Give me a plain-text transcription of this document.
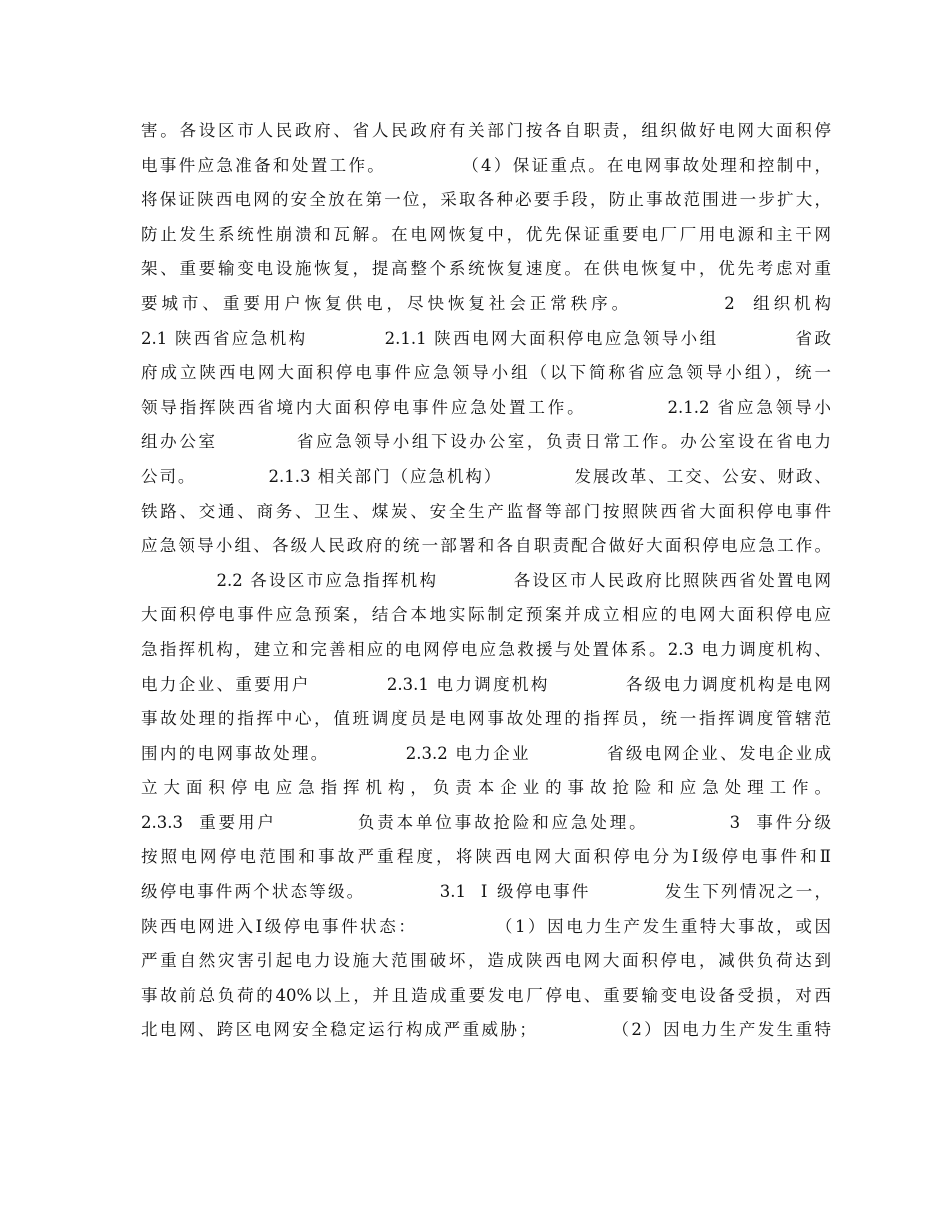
害。各设区市人民政府、省人民政府有关部门按各自职责，组织做好电网大面积停
电事件应急准备和处置工作。          （4）保证重点。在电网事故处理和控制中，
将保证陕西电网的安全放在第一位，采取各种必要手段，防止事故范围进一步扩大，
防止发生系统性崩溃和瓦解。在电网恢复中，优先保证重要电厂厂用电源和主干网
架、重要输变电设施恢复，提高整个系统恢复速度。在供电恢复中，优先考虑对重
要城市、重要用户恢复供电，尽快恢复社会正常秩序。          2  组织机构
2.1 陕西省应急机构          2.1.1 陕西电网大面积停电应急领导小组          省政
府成立陕西电网大面积停电事件应急领导小组（以下简称省应急领导小组），统一
领导指挥陕西省境内大面积停电事件应急处置工作。          2.1.2 省应急领导小
组办公室          省应急领导小组下设办公室，负责日常工作。办公室设在省电力
公司。          2.1.3 相关部门（应急机构）          发展改革、工交、公安、财政、
铁路、交通、商务、卫生、煤炭、安全生产监督等部门按照陕西省大面积停电事件
应急领导小组、各级人民政府的统一部署和各自职责配合做好大面积停电应急工作。
2.2 各设区市应急指挥机构          各设区市人民政府比照陕西省处置电网
大面积停电事件应急预案，结合本地实际制定预案并成立相应的电网大面积停电应
急指挥机构，建立和完善相应的电网停电应急救援与处置体系。2.3 电力调度机构、
电力企业、重要用户          2.3.1 电力调度机构          各级电力调度机构是电网
事故处理的指挥中心，值班调度员是电网事故处理的指挥员，统一指挥调度管辖范
围内的电网事故处理。          2.3.2 电力企业          省级电网企业、发电企业成
立大面积停电应急指挥机构，负责本企业的事故抢险和应急处理工作。
2.3.3  重要用户          负责本单位事故抢险和应急处理。          3  事件分级
按照电网停电范围和事故严重程度，将陕西电网大面积停电分为Ⅰ级停电事件和Ⅱ
级停电事件两个状态等级。          3.1  Ⅰ 级停电事件          发生下列情况之一，
陕西电网进入Ⅰ级停电事件状态：          （1）因电力生产发生重特大事故，或因
严重自然灾害引起电力设施大范围破坏，造成陕西电网大面积停电，减供负荷达到
事故前总负荷的40%以上，并且造成重要发电厂停电、重要输变电设备受损，对西
北电网、跨区电网安全稳定运行构成严重威胁；          （2）因电力生产发生重特
